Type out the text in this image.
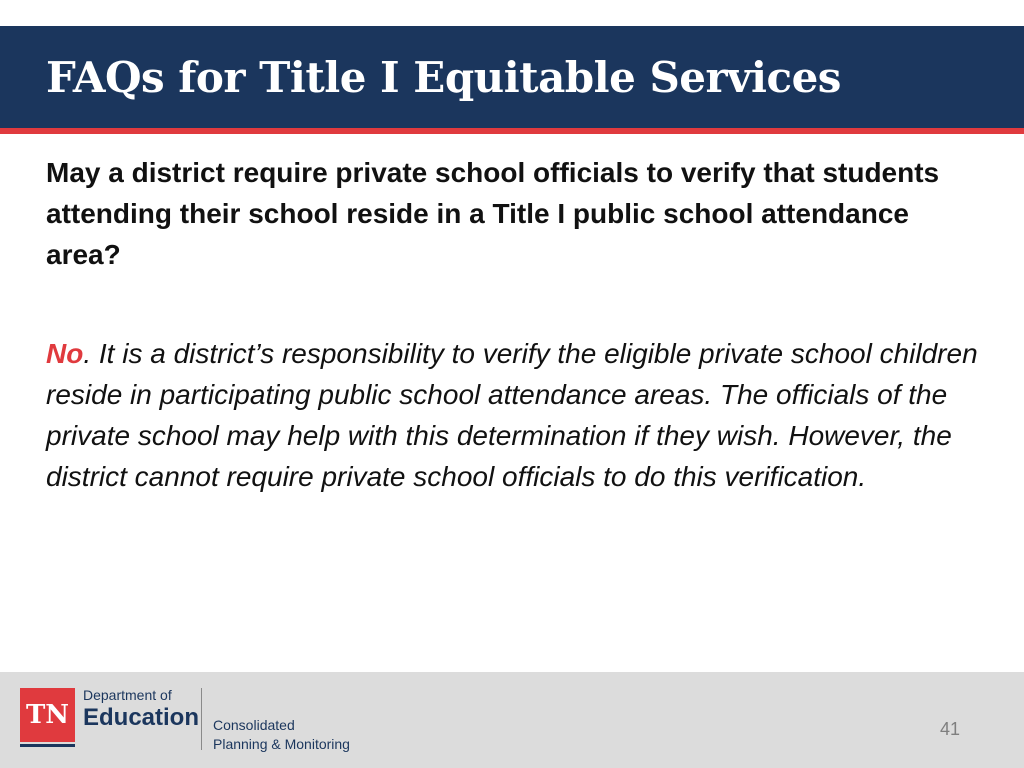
FAQs for Title I Equitable Services

May a district require private school officials to verify that students attending their school reside in a Title I public school attendance area?

No. It is a district’s responsibility to verify the eligible private school children reside in participating public school attendance areas. The officials of the private school may help with this determination if they wish. However, the district cannot require private school officials to do this verification.

TN
Department of
Education Consolidated
Planning & Monitoring
41
